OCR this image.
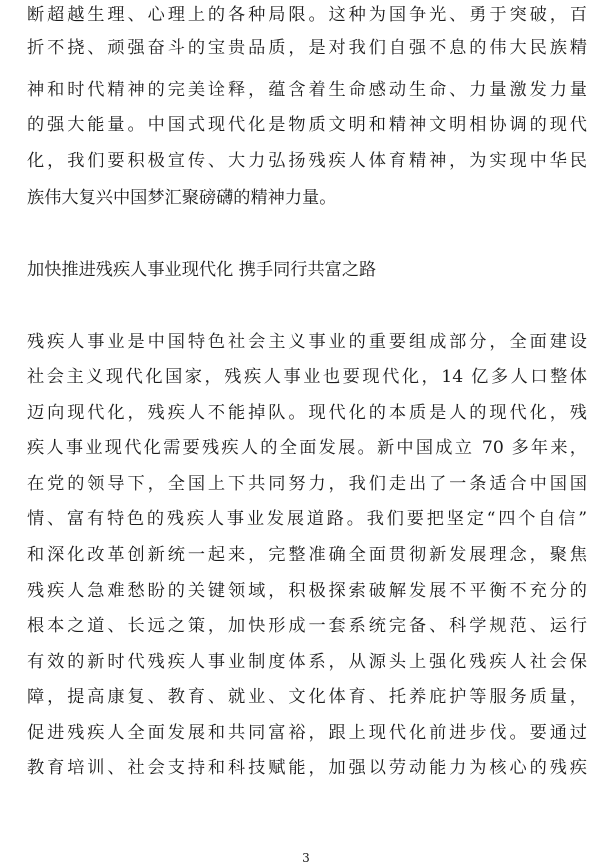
断超越生理、心理上的各种局限。这种为国争光、勇于突破，百
折不挠、顽强奋斗的宝贵品质，是对我们自强不息的伟大民族精
神和时代精神的完美诠释，蕴含着生命感动生命、力量激发力量
的强大能量。中国式现代化是物质文明和精神文明相协调的现代
化，我们要积极宣传、大力弘扬残疾人体育精神，为实现中华民
族伟大复兴中国梦汇聚磅礴的精神力量。
加快推进残疾人事业现代化 携手同行共富之路
残疾人事业是中国特色社会主义事业的重要组成部分，全面建设
社会主义现代化国家，残疾人事业也要现代化，14 亿多人口整体
迈向现代化，残疾人不能掉队。现代化的本质是人的现代化，残
疾人事业现代化需要残疾人的全面发展。新中国成立 70 多年来，
在党的领导下，全国上下共同努力，我们走出了一条适合中国国
情、富有特色的残疾人事业发展道路。我们要把坚定“四个自信”
和深化改革创新统一起来，完整准确全面贯彻新发展理念，聚焦
残疾人急难愁盼的关键领域，积极探索破解发展不平衡不充分的
根本之道、长远之策，加快形成一套系统完备、科学规范、运行
有效的新时代残疾人事业制度体系，从源头上强化残疾人社会保
障，提高康复、教育、就业、文化体育、托养庇护等服务质量，
促进残疾人全面发展和共同富裕，跟上现代化前进步伐。要通过
教育培训、社会支持和科技赋能，加强以劳动能力为核心的残疾
3
